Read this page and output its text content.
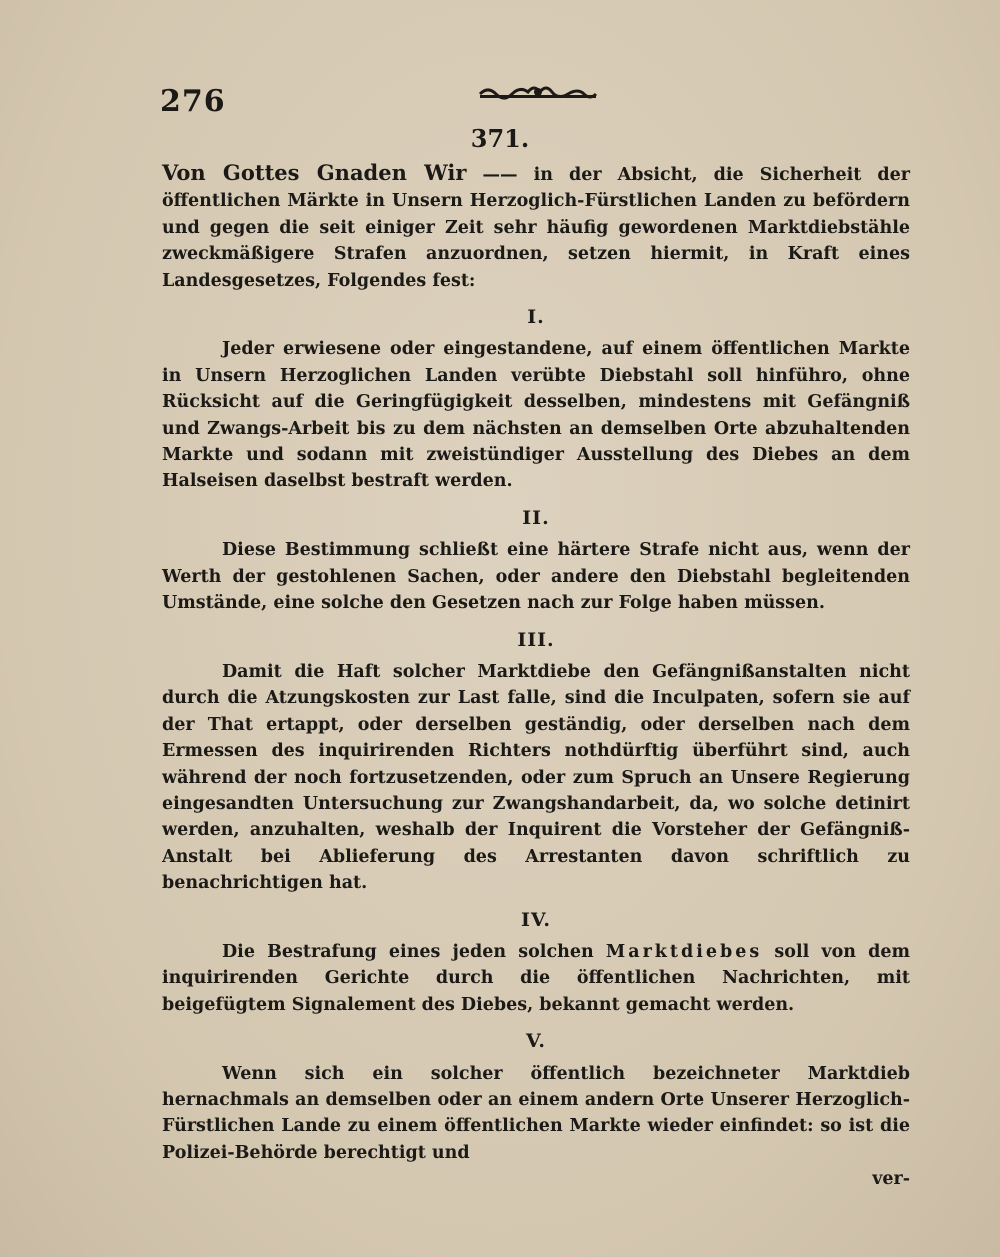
276
371.

Von Gottes Gnaden Wir —— in der Absicht, die Sicherheit der öffentlichen Märkte in Unsern Herzoglich-Fürstlichen Landen zu befördern und gegen die seit einiger Zeit sehr häufig gewordenen Marktdiebstähle zweckmäßigere Strafen anzuordnen, setzen hiermit, in Kraft eines Landesgesetzes, Folgendes fest:

I.

Jeder erwiesene oder eingestandene, auf einem öffentlichen Markte in Unsern Herzoglichen Landen verübte Diebstahl soll hinführo, ohne Rücksicht auf die Geringfügigkeit desselben, mindestens mit Gefängniß und Zwangs-Arbeit bis zu dem nächsten an demselben Orte abzuhaltenden Markte und sodann mit zweistündiger Ausstellung des Diebes an dem Halseisen daselbst bestraft werden.

II.

Diese Bestimmung schließt eine härtere Strafe nicht aus, wenn der Werth der gestohlenen Sachen, oder andere den Diebstahl begleitenden Umstände, eine solche den Gesetzen nach zur Folge haben müssen.

III.

Damit die Haft solcher Marktdiebe den Gefängnißanstalten nicht durch die Atzungskosten zur Last falle, sind die Inculpaten, sofern sie auf der That ertappt, oder derselben geständig, oder derselben nach dem Ermessen des inquirirenden Richters nothdürftig überführt sind, auch während der noch fortzusetzenden, oder zum Spruch an Unsere Regierung eingesandten Untersuchung zur Zwangshandarbeit, da, wo solche detinirt werden, anzuhalten, weshalb der Inquirent die Vorsteher der Gefängniß-Anstalt bei Ablieferung des Arrestanten davon schriftlich zu benachrichtigen hat.

IV.

Die Bestrafung eines jeden solchen Marktdiebes soll von dem inquirirenden Gerichte durch die öffentlichen Nachrichten, mit beigefügtem Signalement des Diebes, bekannt gemacht werden.

V.

Wenn sich ein solcher öffentlich bezeichneter Marktdieb hernachmals an demselben oder an einem andern Orte Unserer Herzoglich-Fürstlichen Lande zu einem öffentlichen Markte wieder einfindet: so ist die Polizei-Behörde berechtigt und

ver-
